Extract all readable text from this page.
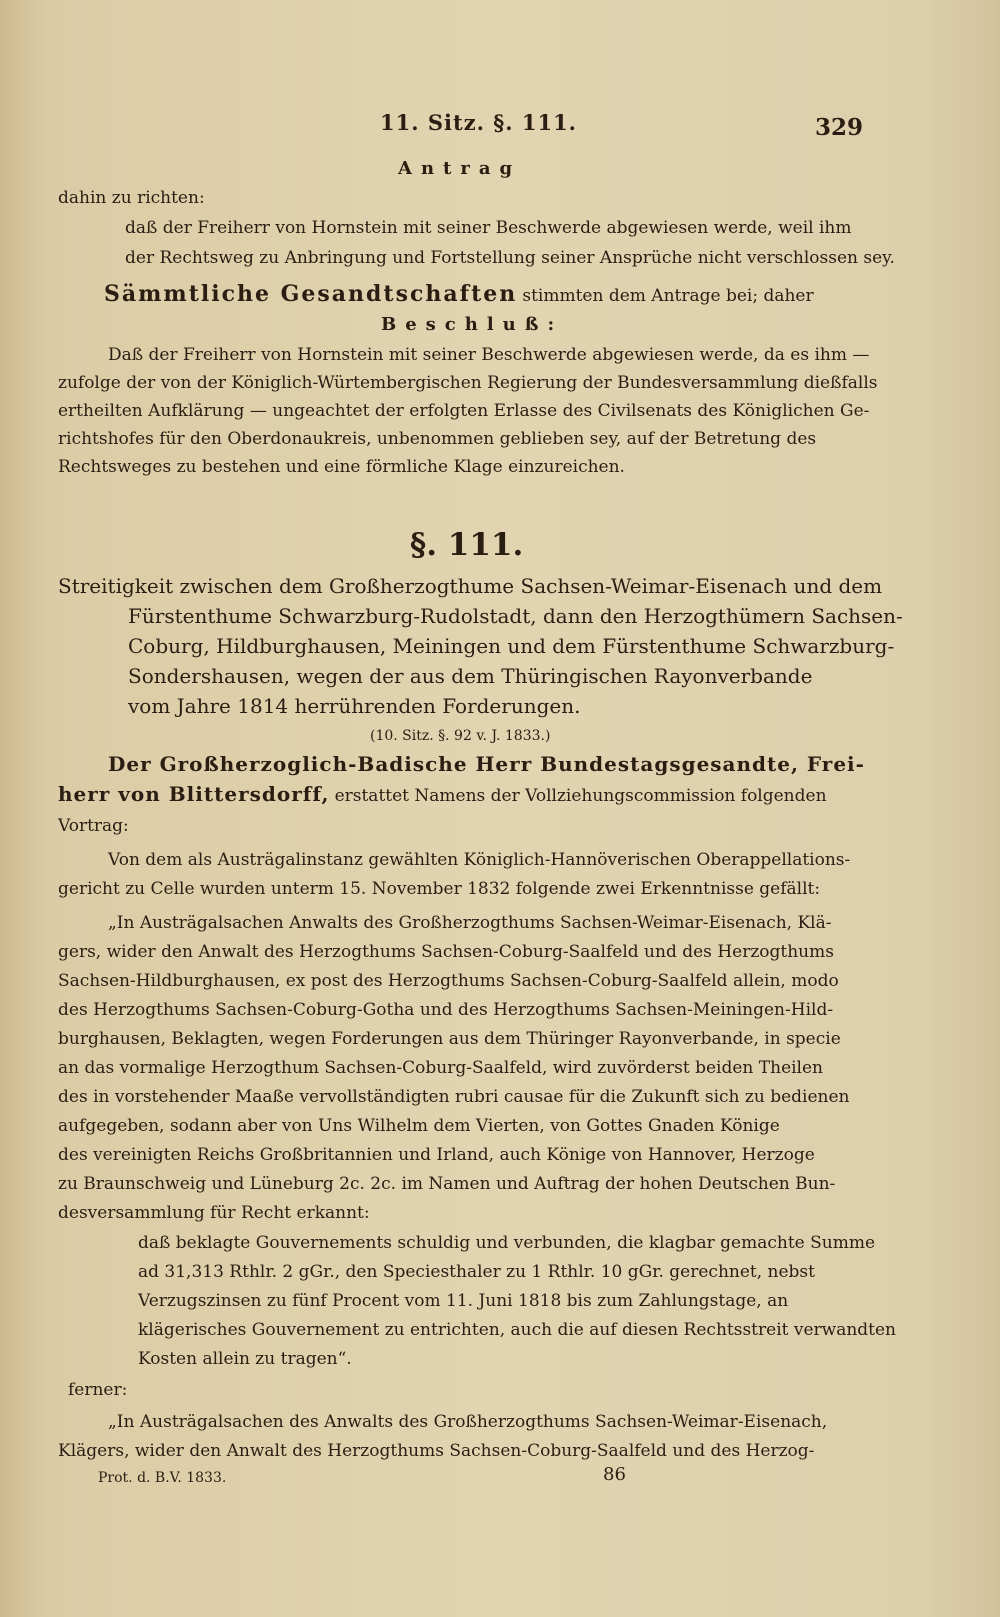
11. Sitz. §. 111.	329
Antrag
dahin zu richten:
daß der Freiherr von Hornstein mit seiner Beschwerde abgewiesen werde, weil ihm
der Rechtsweg zu Anbringung und Fortstellung seiner Ansprüche nicht verschlossen sey.
Sämmtliche Gesandtschaften stimmten dem Antrage bei; daher
Beschluß:
Daß der Freiherr von Hornstein mit seiner Beschwerde abgewiesen werde, da es ihm —
zufolge der von der Königlich-Würtembergischen Regierung der Bundesversammlung dießfalls
ertheilten Aufklärung — ungeachtet der erfolgten Erlasse des Civilsenats des Königlichen Ge-
richtshofes für den Oberdonaukreis, unbenommen geblieben sey, auf der Betretung des
Rechtsweges zu bestehen und eine förmliche Klage einzureichen.
§. 111.
Streitigkeit zwischen dem Großherzogthume Sachsen-Weimar-Eisenach und dem
Fürstenthume Schwarzburg-Rudolstadt, dann den Herzogthümern Sachsen-
Coburg, Hildburghausen, Meiningen und dem Fürstenthume Schwarzburg-
Sondershausen, wegen der aus dem Thüringischen Rayonverbande
vom Jahre 1814 herrührenden Forderungen.
(10. Sitz. §. 92 v. J. 1833.)
Der Großherzoglich-Badische Herr Bundestagsgesandte, Frei-
herr von Blittersdorff, erstattet Namens der Vollziehungscommission folgenden
Vortrag:
Von dem als Austrägalinstanz gewählten Königlich-Hannöverischen Oberappellations-
gericht zu Celle wurden unterm 15. November 1832 folgende zwei Erkenntnisse gefällt:
„In Austrägalsachen Anwalts des Großherzogthums Sachsen-Weimar-Eisenach, Klä-
gers, wider den Anwalt des Herzogthums Sachsen-Coburg-Saalfeld und des Herzogthums
Sachsen-Hildburghausen, ex post des Herzogthums Sachsen-Coburg-Saalfeld allein, modo
des Herzogthums Sachsen-Coburg-Gotha und des Herzogthums Sachsen-Meiningen-Hild-
burghausen, Beklagten, wegen Forderungen aus dem Thüringer Rayonverbande, in specie
an das vormalige Herzogthum Sachsen-Coburg-Saalfeld, wird zuvörderst beiden Theilen
des in vorstehender Maaße vervollständigten rubri causae für die Zukunft sich zu bedienen
aufgegeben, sodann aber von Uns Wilhelm dem Vierten, von Gottes Gnaden Könige
des vereinigten Reichs Großbritannien und Irland, auch Könige von Hannover, Herzoge
zu Braunschweig und Lüneburg 2c. 2c. im Namen und Auftrag der hohen Deutschen Bun-
desversammlung für Recht erkannt:
daß beklagte Gouvernements schuldig und verbunden, die klagbar gemachte Summe
ad 31,313 Rthlr. 2 gGr., den Speciesthaler zu 1 Rthlr. 10 gGr. gerechnet, nebst
Verzugszinsen zu fünf Procent vom 11. Juni 1818 bis zum Zahlungstage, an
klägerisches Gouvernement zu entrichten, auch die auf diesen Rechtsstreit verwandten
Kosten allein zu tragen“.
ferner:
„In Austrägalsachen des Anwalts des Großherzogthums Sachsen-Weimar-Eisenach,
Klägers, wider den Anwalt des Herzogthums Sachsen-Coburg-Saalfeld und des Herzog-
Prot. d. B.V. 1833.	86
